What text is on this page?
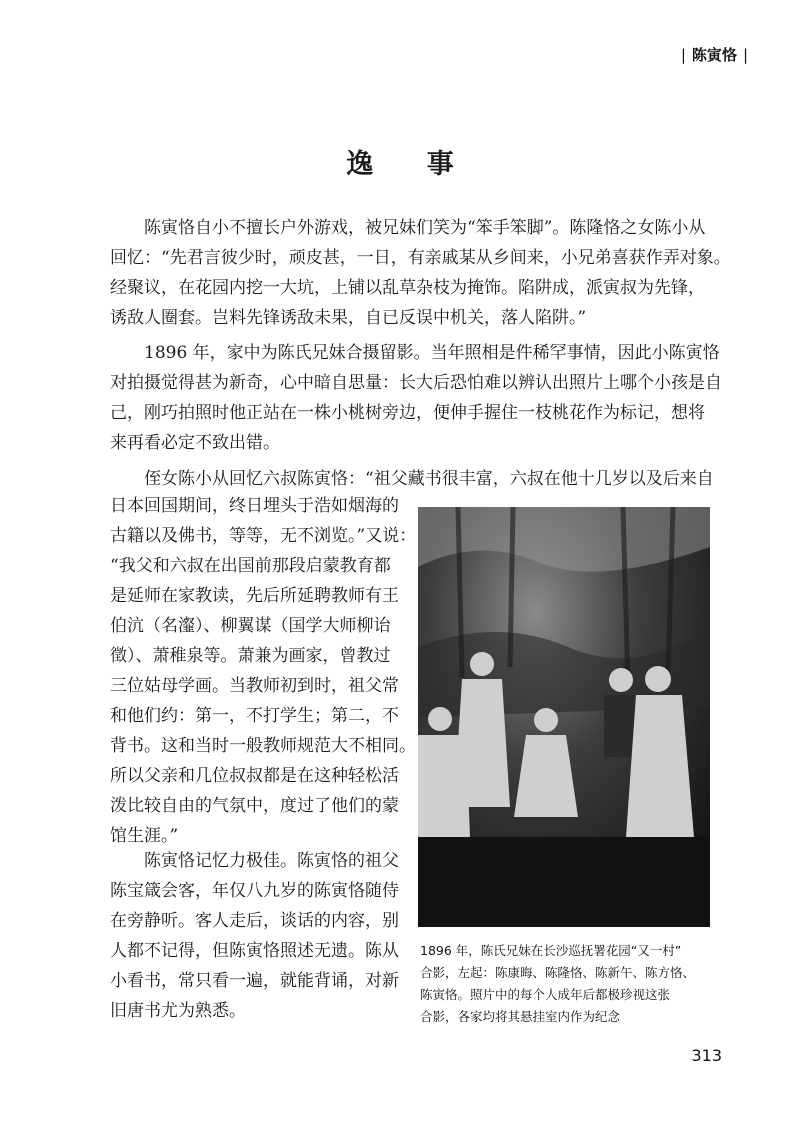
| 陈寅恪 |
逸 事

陈寅恪自小不擅长户外游戏，被兄妹们笑为“笨手笨脚”。陈隆恪之女陈小从

回忆：“先君言彼少时，顽皮甚，一日，有亲戚某从乡间来，小兄弟喜获作弄对象。
经聚议，在花园内挖一大坑，上铺以乱草杂枝为掩饰。陷阱成，派寅叔为先锋，
诱敌人圈套。岂料先锋诱敌未果，自已反误中机关，落人陷阱。”

1896 年，家中为陈氏兄妹合摄留影。当年照相是件稀罕事情，因此小陈寅恪

对拍摄觉得甚为新奇，心中暗自思量：长大后恐怕难以辨认出照片上哪个小孩是自
己，刚巧拍照时他正站在一株小桃树旁边，便伸手握住一枝桃花作为标记，想将
来再看必定不致出错。

侄女陈小从回忆六叔陈寅恪：“祖父藏书很丰富，六叔在他十几岁以及后来自

日本回国期间，终日埋头于浩如烟海的
古籍以及佛书，等等，无不浏览。”又说：
“我父和六叔在出国前那段启蒙教育都
是延师在家教读，先后所延聘教师有王
伯沆（名瀣）、柳翼谋（国学大师柳诒
徵）、萧稚泉等。萧兼为画家，曾教过
三位姑母学画。当教师初到时，祖父常
和他们约：第一，不打学生；第二，不
背书。这和当时一般教师规范大不相同。
所以父亲和几位叔叔都是在这种轻松活
泼比较自由的气氛中，度过了他们的蒙
馆生涯。”
陈寅恪记忆力极佳。陈寅恪的祖父
陈宝箴会客，年仅八九岁的陈寅恪随侍
在旁静听。客人走后，谈话的内容，别
人都不记得，但陈寅恪照述无遗。陈从
小看书，常只看一遍，就能背诵，对新
旧唐书尤为熟悉。
1896 年，陈氏兄妹在长沙巡抚署花园“又一村”
合影，左起：陈康晦、陈隆恪、陈新午、陈方恪、
陈寅恪。照片中的每个人成年后都极珍视这张
合影，各家均将其悬挂室内作为纪念
313
